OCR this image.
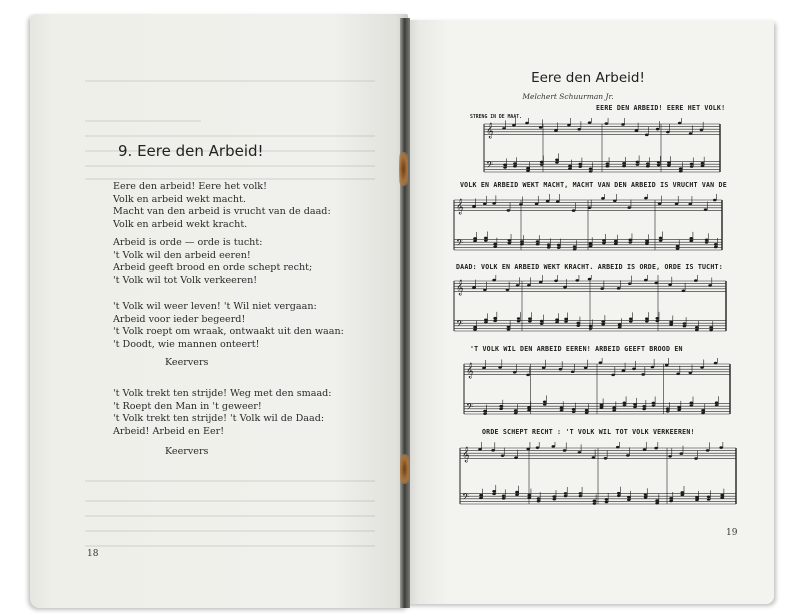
9. Eere den Arbeid!
Eere den arbeid! Eere het volk!
Volk en arbeid wekt macht.
Macht van den arbeid is vrucht van de daad:
Volk en arbeid wekt kracht.
Arbeid is orde — orde is tucht:
't Volk wil den arbeid eeren!
Arbeid geeft brood en orde schept recht;
't Volk wil tot Volk verkeeren!
't Volk wil weer leven! 't Wil niet vergaan:
Arbeid voor ieder begeerd!
't Volk roept om wraak, ontwaakt uit den waan:
't Doodt, wie mannen onteert!
Keervers
't Volk trekt ten strijde! Weg met den smaad:
't Roept den Man in 't geweer!
't Volk trekt ten strijde! 't Volk wil de Daad:
Arbeid! Arbeid en Eer!
Keervers
18
Eere den Arbeid!
Melchert Schuurman Jr.
STRENG IN DE MAAT.
EERE DEN ARBEID! EERE HET VOLK!
VOLK EN ARBEID WEKT MACHT, MACHT VAN DEN ARBEID IS VRUCHT VAN DE
DAAD: VOLK EN ARBEID WEKT KRACHT. ARBEID IS ORDE, ORDE IS TUCHT:
'T VOLK WIL DEN ARBEID EEREN! ARBEID GEEFT BROOD EN
ORDE SCHEPT RECHT : 'T VOLK WIL TOT VOLK VERKEEREN!
𝄞
𝄢
𝄞
𝄢
𝄞
𝄢
𝄞
𝄢
𝄞
𝄢
19
